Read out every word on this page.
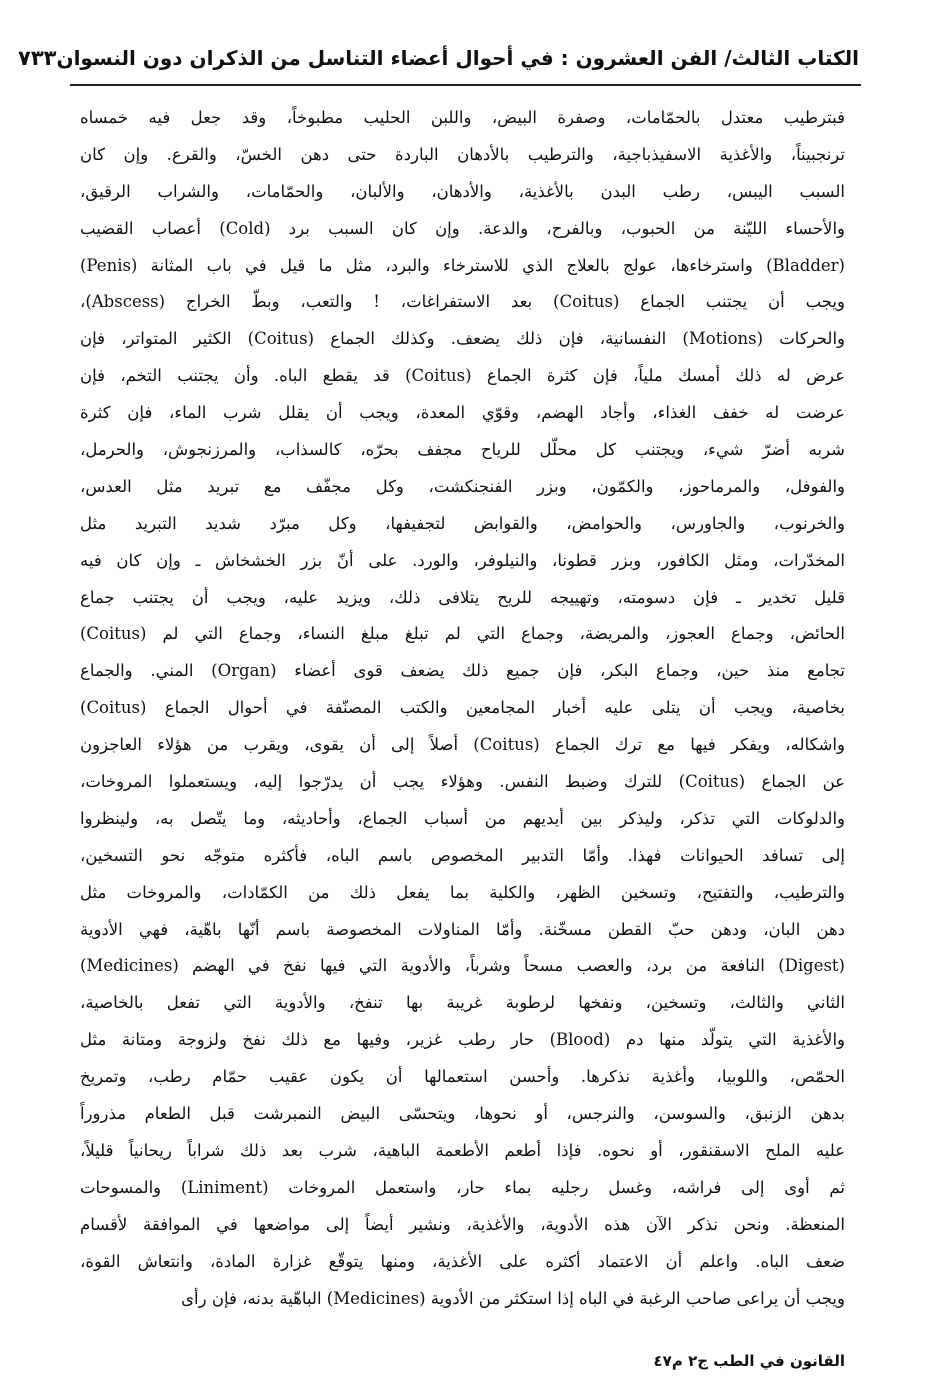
الكتاب الثالث/ الفن العشرون : في أحوال أعضاء التناسل من الذكران دون النسوان
٧٣٣
فبترطيب معتدل بالحمّامات، وصفرة البيض، واللبن الحليب مطبوخاً، وقد جعل فيه خمساه
ترنجبيناً، والأغذية الاسفيذباجية، والترطيب بالأدهان الباردة حتى دهن الخسّ، والقرع. وإن كان
السبب اليبس، رطب البدن بالأغذية، والأدهان، والألبان، والحمّامات، والشراب الرقيق،
والأحساء الليّنة من الحبوب، وبالفرح، والدعة. وإن كان السبب برد (Cold) أعصاب القضيب
(Penis) واسترخاءها، عولج بالعلاج الذي للاسترخاء والبرد، مثل ما قيل في باب المثانة (Bladder)
ويجب أن يجتنب الجماع (Coitus) بعد الاستفراغات، ! والتعب، وبطّ الخراج (Abscess)،
والحركات (Motions) النفسانية، فإن ذلك يضعف. وكذلك الجماع (Coitus) الكثير المتواتر، فإن
عرض له ذلك أمسك ملياً، فإن كثرة الجماع (Coitus) قد يقطع الباه. وأن يجتنب التخم، فإن
عرضت له خفف الغذاء، وأجاد الهضم، وقوّي المعدة، ويجب أن يقلل شرب الماء، فإن كثرة
شربه أضرّ شيء، ويجتنب كل محلّل للرياح مجفف بحرّه، كالسذاب، والمرزنجوش، والحرمل،
والفوفل، والمرماحوز، والكمّون، وبزر الفنجنكشت، وكل مجفّف مع تبريد مثل العدس،
والخرنوب، والجاورس، والحوامض، والقوابض لتجفيفها، وكل مبرّد شديد التبريد مثل
المخدّرات، ومثل الكافور، وبزر قطونا، والنيلوفر، والورد. على أنّ بزر الخشخاش ـ وإن كان فيه
قليل تخدير ـ فإن دسومته، وتهييجه للريح يتلافى ذلك، ويزيد عليه، ويجب أن يجتنب جماع
(Coitus) الحائض، وجماع العجوز، والمريضة، وجماع التي لم تبلغ مبلغ النساء، وجماع التي لم
تجامع منذ حين، وجماع البكر، فإن جميع ذلك يضعف قوى أعضاء (Organ) المني. والجماع
بخاصية، ويجب أن يتلى عليه أخبار المجامعين والكتب المصنّفة في أحوال الجماع (Coitus)
واشكاله، ويفكر فيها مع ترك الجماع (Coitus) أصلاً إلى أن يقوى، ويقرب من هؤلاء العاجزون
عن الجماع (Coitus) للترك وضبط النفس. وهؤلاء يجب أن يدرّجوا إليه، ويستعملوا المروخات،
والدلوكات التي تذكر، وليذكر بين أيديهم من أسباب الجماع، وأحاديثه، وما يتّصل به، ولينظروا
إلى تسافد الحيوانات فهذا. وأمّا التدبير المخصوص باسم الباه، فأكثره متوجّه نحو التسخين،
والترطيب، والتفتيح، وتسخين الظهر، والكلية بما يفعل ذلك من الكمّادات، والمروخات مثل
دهن البان، ودهن حبّ القطن مسخّنة. وأمّا المناولات المخصوصة باسم أنّها باهّية، فهي الأدوية
(Medicines) النافعة من برد، والعصب مسحاً وشرباً، والأدوية التي فيها نفخ في الهضم (Digest)
الثاني والثالث، وتسخين، ونفخها لرطوبة غريبة بها تنفخ، والأدوية التي تفعل بالخاصية،
والأغذية التي يتولّد منها دم (Blood) حار رطب غزير، وفيها مع ذلك نفخ ولزوجة ومتانة مثل
الحمّص، واللوبيا، وأغذية نذكرها. وأحسن استعمالها أن يكون عقيب حمّام رطب، وتمريخ
بدهن الزنبق، والسوسن، والنرجس، أو نحوها، ويتحسّى البيض النمبرشت قبل الطعام مذروراً
عليه الملح الاسقنقور، أو نحوه. فإذا أطعم الأطعمة الباهية، شرب بعد ذلك شراباً ريحانياً قليلاً،
ثم أوى إلى فراشه، وغسل رجليه بماء حار، واستعمل المروخات (Liniment) والمسوحات
المنعظة. ونحن نذكر الآن هذه الأدوية، والأغذية، ونشير أيضاً إلى مواضعها في الموافقة لأقسام
ضعف الباه. واعلم أن الاعتماد أكثره على الأغذية، ومنها يتوقّع غزارة المادة، وانتعاش القوة،
ويجب أن يراعى صاحب الرغبة في الباه إذا استكثر من الأدوية (Medicines) الباهّية بدنه، فإن رأى
القانون في الطب ج٢ م٤٧
